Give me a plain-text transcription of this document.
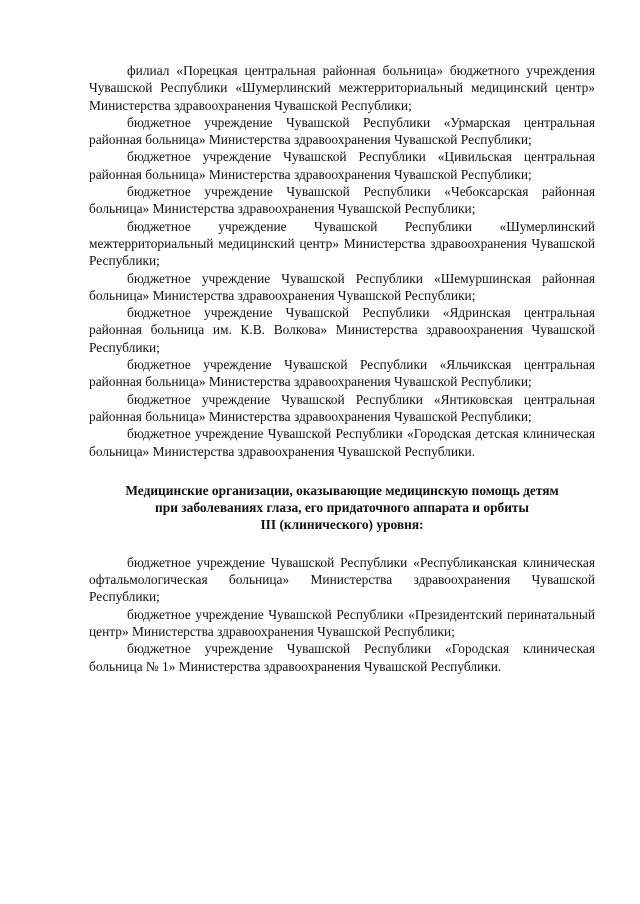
филиал «Порецкая центральная районная больница» бюджетного учреждения Чувашской Республики «Шумерлинский межтерриториальный медицинский центр» Министерства здравоохранения Чувашской Республики;

бюджетное учреждение Чувашской Республики «Урмарская центральная районная больница» Министерства здравоохранения Чувашской Республики;

бюджетное учреждение Чувашской Республики «Цивильская центральная районная больница» Министерства здравоохранения Чувашской Республики;

бюджетное учреждение Чувашской Республики «Чебоксарская районная больница» Министерства здравоохранения Чувашской Республики;

бюджетное учреждение Чувашской Республики «Шумерлинский межтерриториальный медицинский центр» Министерства здравоохранения Чувашской Республики;

бюджетное учреждение Чувашской Республики «Шемуршинская районная больница» Министерства здравоохранения Чувашской Республики;

бюджетное учреждение Чувашской Республики «Ядринская центральная районная больница им. К.В. Волкова» Министерства здравоохранения Чувашской Республики;

бюджетное учреждение Чувашской Республики «Яльчикская центральная районная больница» Министерства здравоохранения Чувашской Республики;

бюджетное учреждение Чувашской Республики «Янтиковская центральная районная больница» Министерства здравоохранения Чувашской Республики;

бюджетное учреждение Чувашской Республики «Городская детская клиническая больница» Министерства здравоохранения Чувашской Республики.

Медицинские организации, оказывающие медицинскую помощь детям
при заболеваниях глаза, его придаточного аппарата и орбиты
III (клинического) уровня:

бюджетное учреждение Чувашской Республики «Республиканская клиническая офтальмологическая больница» Министерства здравоохранения Чувашской Республики;

бюджетное учреждение Чувашской Республики «Президентский перинатальный центр» Министерства здравоохранения Чувашской Республики;

бюджетное учреждение Чувашской Республики «Городская клиническая больница № 1» Министерства здравоохранения Чувашской Республики.
